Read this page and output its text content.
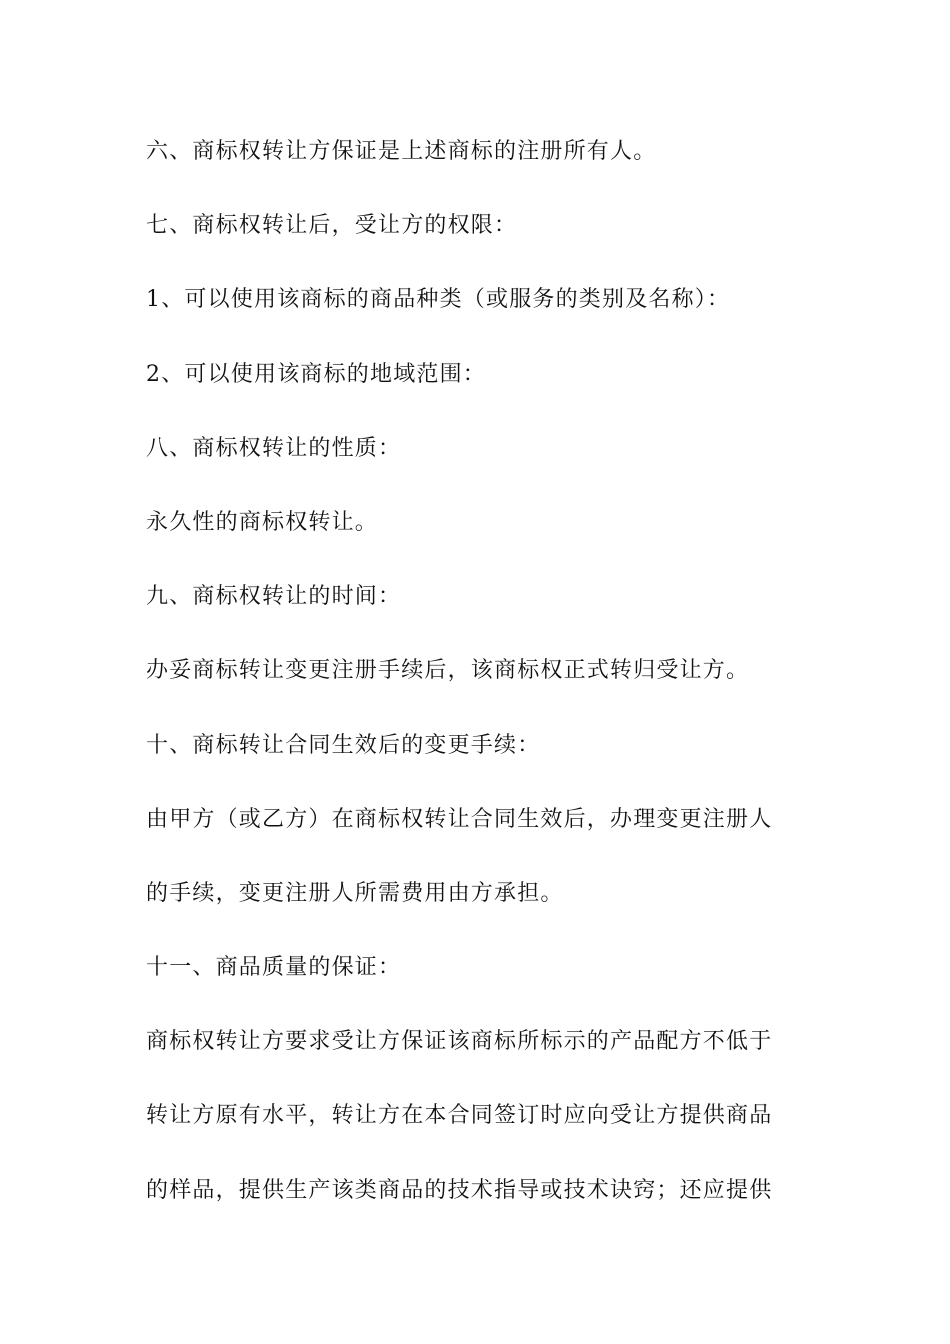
六、商标权转让方保证是上述商标的注册所有人。
七、商标权转让后，受让方的权限：
1、可以使用该商标的商品种类（或服务的类别及名称）：
2、可以使用该商标的地域范围：
八、商标权转让的性质：
永久性的商标权转让。
九、商标权转让的时间：
办妥商标转让变更注册手续后，该商标权正式转归受让方。
十、商标转让合同生效后的变更手续：
由甲方（或乙方）在商标权转让合同生效后，办理变更注册人
的手续，变更注册人所需费用由方承担。
十一、商品质量的保证：
商标权转让方要求受让方保证该商标所标示的产品配方不低于
转让方原有水平，转让方在本合同签订时应向受让方提供商品
的样品，提供生产该类商品的技术指导或技术诀窍；还应提供
